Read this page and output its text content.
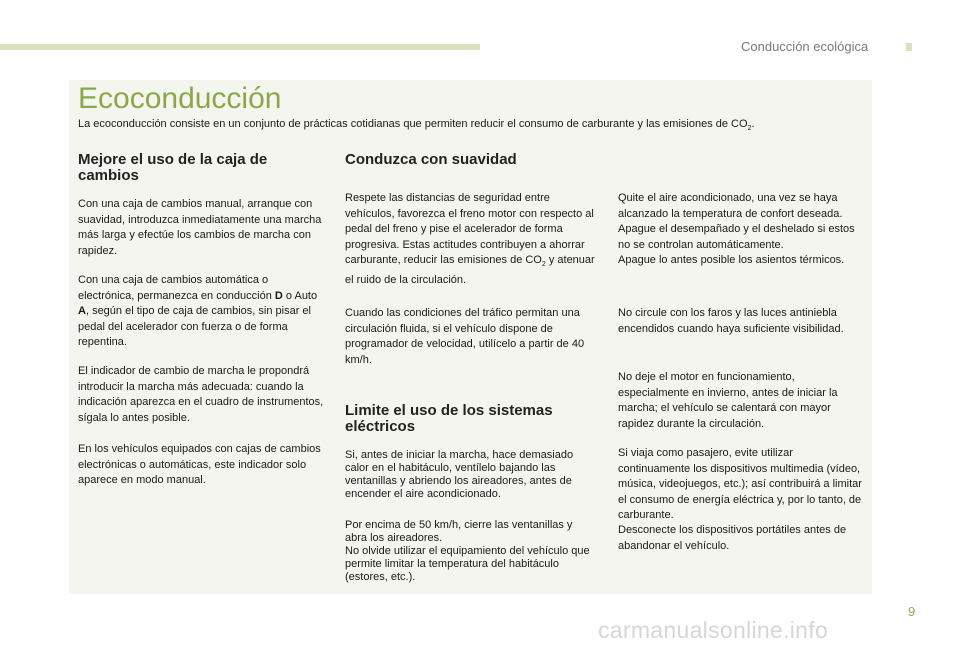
Conducción ecológica
Ecoconducción
La ecoconducción consiste en un conjunto de prácticas cotidianas que permiten reducir el consumo de carburante y las emisiones de $CO_2$.
Mejore el uso de la caja de
cambios

Con una caja de cambios manual, arranque con suavidad, introduzca inmediatamente una marcha más larga y efectúe los cambios de marcha con rapidez.

Con una caja de cambios automática o electrónica, permanezca en conducción D o Auto A, según el tipo de caja de cambios, sin pisar el pedal del acelerador con fuerza o de forma repentina.

El indicador de cambio de marcha le propondrá introducir la marcha más adecuada: cuando la indicación aparezca en el cuadro de instrumentos, sígala lo antes posible.

En los vehículos equipados con cajas de cambios electrónicas o automáticas, este indicador solo aparece en modo manual.

Conduzca con suavidad

Respete las distancias de seguridad entre vehículos, favorezca el freno motor con respecto al pedal del freno y pise el acelerador de forma progresiva. Estas actitudes contribuyen a ahorrar carburante, reducir las emisiones de $CO_2$ y atenuar el ruido de la circulación.

Cuando las condiciones del tráfico permitan una circulación fluida, si el vehículo dispone de programador de velocidad, utilícelo a partir de 40 km/h.

Limite el uso de los sistemas
eléctricos

Si, antes de iniciar la marcha, hace demasiado calor en el habitáculo, ventílelo bajando las ventanillas y abriendo los aireadores, antes de encender el aire acondicionado.

Por encima de 50 km/h, cierre las ventanillas y abra los aireadores.

No olvide utilizar el equipamiento del vehículo que permite limitar la temperatura del habitáculo (estores, etc.).

Quite el aire acondicionado, una vez se haya alcanzado la temperatura de confort deseada.

Apague el desempañado y el deshelado si estos no se controlan automáticamente.

Apague lo antes posible los asientos térmicos.

No circule con los faros y las luces antiniebla encendidos cuando haya suficiente visibilidad.

No deje el motor en funcionamiento, especialmente en invierno, antes de iniciar la marcha; el vehículo se calentará con mayor rapidez durante la circulación.

Si viaja como pasajero, evite utilizar continuamente los dispositivos multimedia (vídeo, música, videojuegos, etc.); así contribuirá a limitar el consumo de energía eléctrica y, por lo tanto, de carburante.

Desconecte los dispositivos portátiles antes de abandonar el vehículo.

9
carmanualsonline.info
